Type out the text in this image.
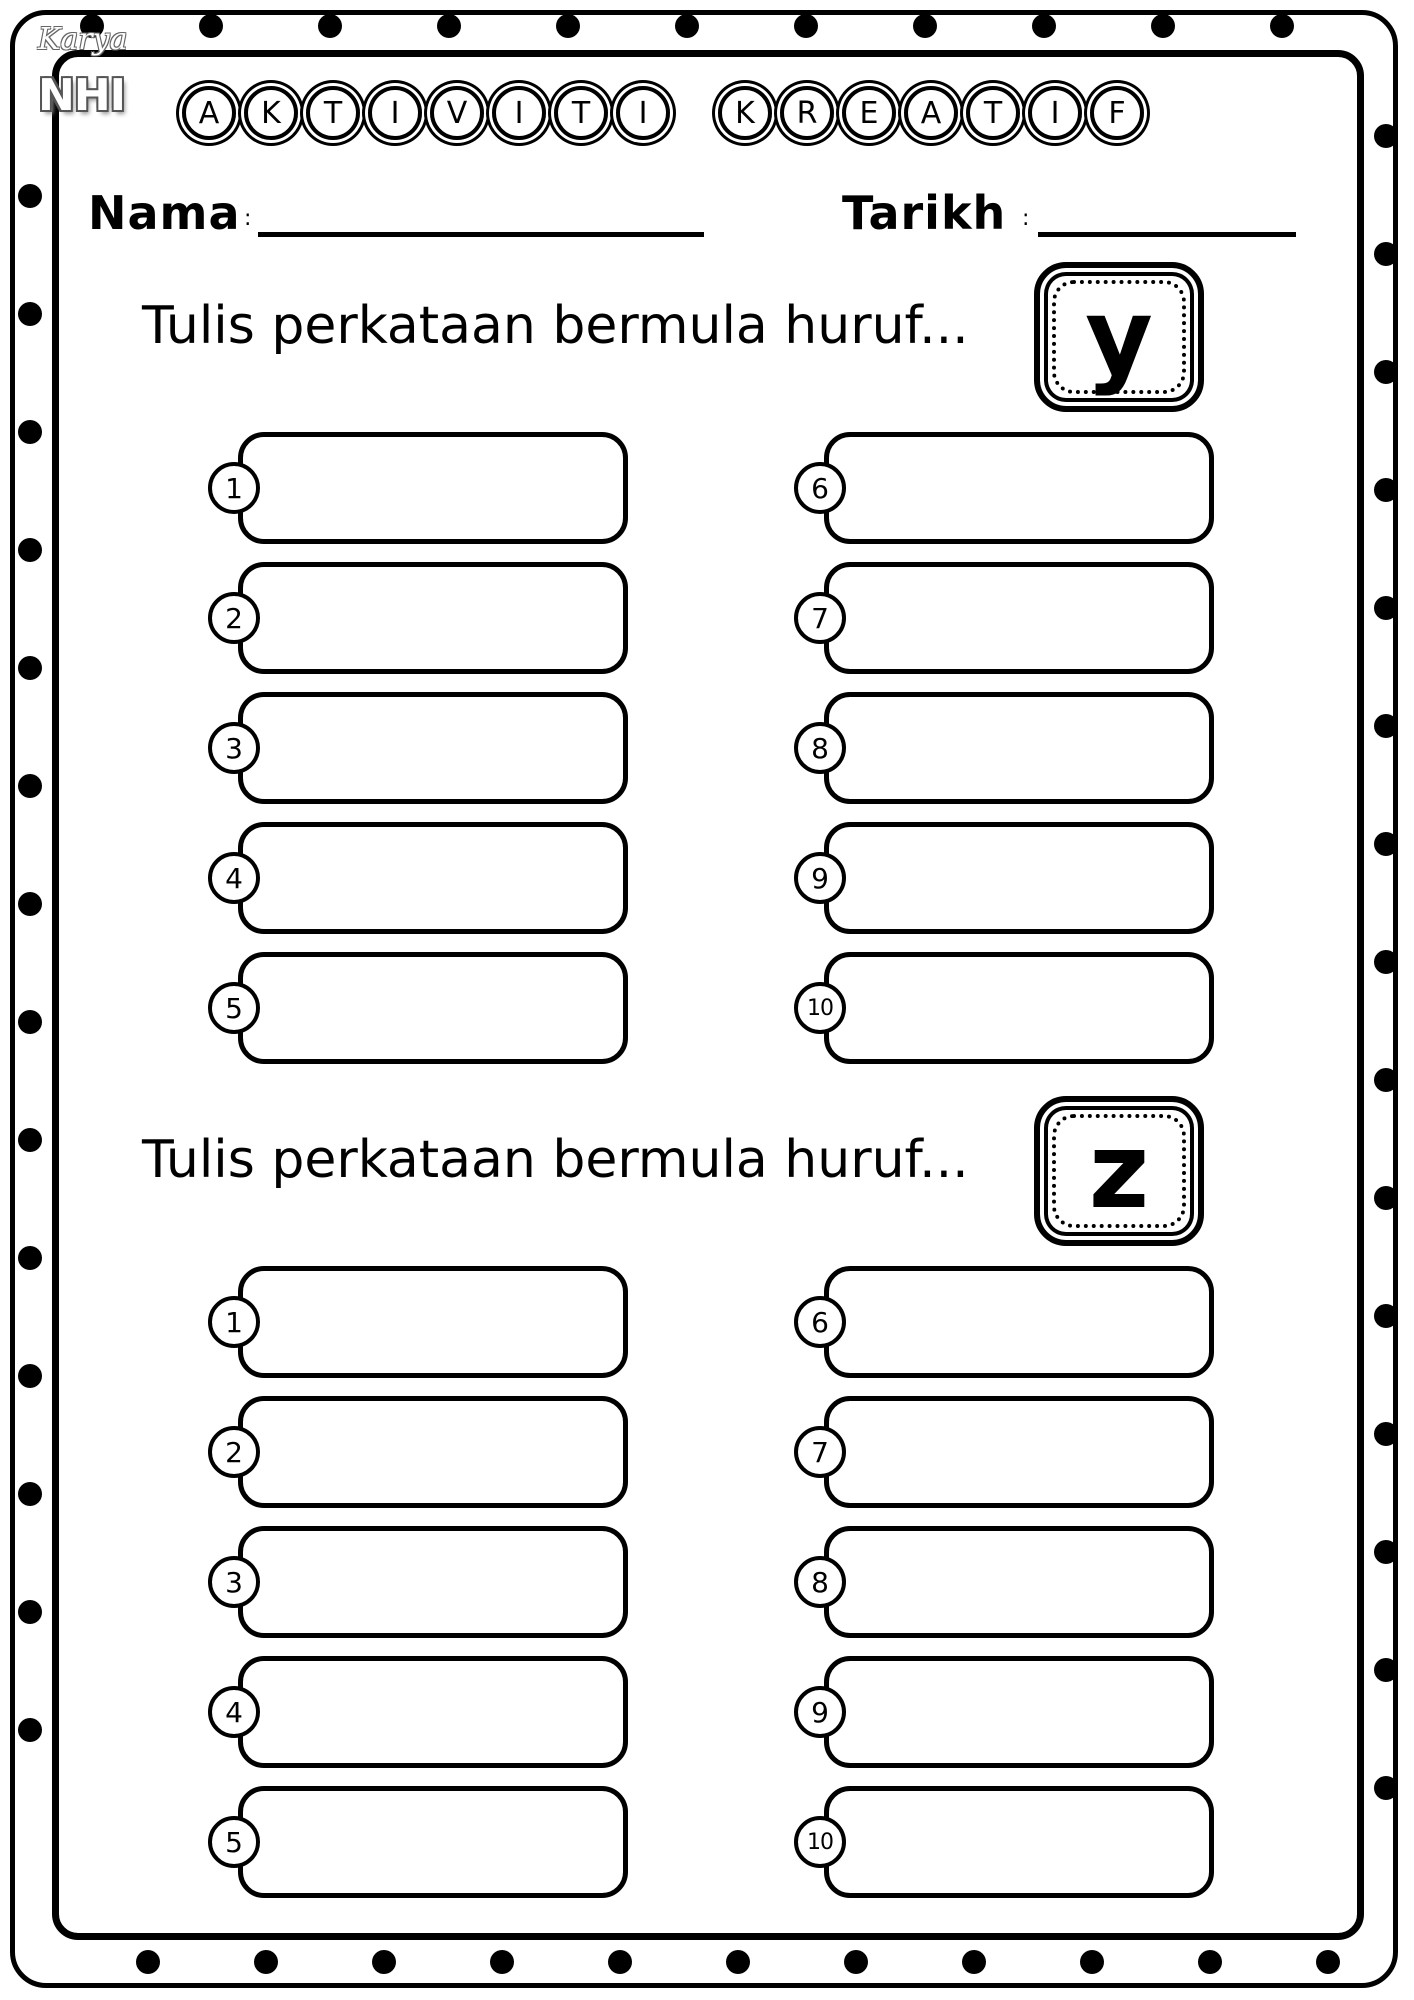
Karya
NHI	A	K	T	I	V	I	T	I	K	R	E	A	T	I	F
Nama :	Tarikh :
Tulis perkataan bermula huruf...	y
Tulis perkataan bermula huruf...	z
1
2
3
4
5
6
7
8
9
10
1
2
3
4
5
6
7
8
9
10
